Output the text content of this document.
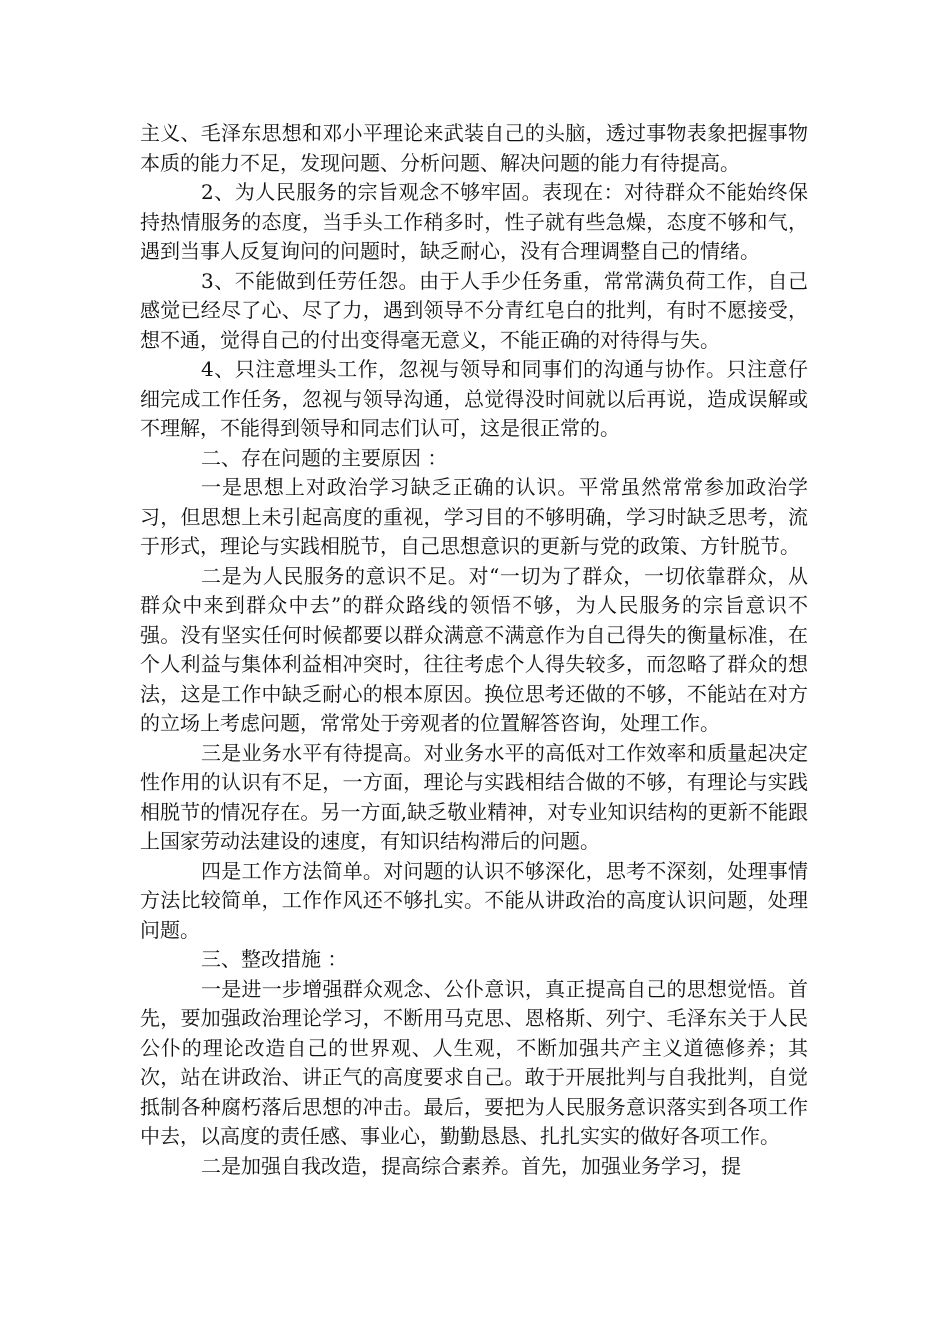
主义、毛泽东思想和邓小平理论来武装自己的头脑，透过事物表象把握事物本质的能力不足，发现问题、分析问题、解决问题的能力有待提高。

2、为人民服务的宗旨观念不够牢固。表现在：对待群众不能始终保持热情服务的态度，当手头工作稍多时，性子就有些急燥，态度不够和气，遇到当事人反复询问的问题时，缺乏耐心，没有合理调整自己的情绪。

3、不能做到任劳任怨。由于人手少任务重，常常满负荷工作，自己感觉已经尽了心、尽了力，遇到领导不分青红皂白的批判，有时不愿接受，想不通，觉得自己的付出变得毫无意义，不能正确的对待得与失。

4、只注意埋头工作，忽视与领导和同事们的沟通与协作。只注意仔细完成工作任务，忽视与领导沟通，总觉得没时间就以后再说，造成误解或不理解，不能得到领导和同志们认可，这是很正常的。

二、存在问题的主要原因 ：

一是思想上对政治学习缺乏正确的认识。平常虽然常常参加政治学习，但思想上未引起高度的重视，学习目的不够明确，学习时缺乏思考，流于形式，理论与实践相脱节，自己思想意识的更新与党的政策、方针脱节。

二是为人民服务的意识不足。对“一切为了群众，一切依靠群众，从群众中来到群众中去”的群众路线的领悟不够，为人民服务的宗旨意识不强。没有坚实任何时候都要以群众满意不满意作为自己得失的衡量标准，在个人利益与集体利益相冲突时，往往考虑个人得失较多，而忽略了群众的想法，这是工作中缺乏耐心的根本原因。换位思考还做的不够，不能站在对方的立场上考虑问题，常常处于旁观者的位置解答咨询，处理工作。

三是业务水平有待提高。对业务水平的高低对工作效率和质量起决定性作用的认识有不足，一方面，理论与实践相结合做的不够，有理论与实践相脱节的情况存在。另一方面,缺乏敬业精神，对专业知识结构的更新不能跟上国家劳动法建设的速度，有知识结构滞后的问题。

四是工作方法简单。对问题的认识不够深化，思考不深刻，处理事情方法比较简单，工作作风还不够扎实。不能从讲政治的高度认识问题，处理问题。

三、整改措施 ：

一是进一步增强群众观念、公仆意识，真正提高自己的思想觉悟。首先，要加强政治理论学习，不断用马克思、恩格斯、列宁、毛泽东关于人民公仆的理论改造自己的世界观、人生观，不断加强共产主义道德修养；其次，站在讲政治、讲正气的高度要求自己。敢于开展批判与自我批判，自觉抵制各种腐朽落后思想的冲击。最后，要把为人民服务意识落实到各项工作中去，以高度的责任感、事业心，勤勤恳恳、扎扎实实的做好各项工作。

二是加强自我改造，提高综合素养。首先，加强业务学习，提
